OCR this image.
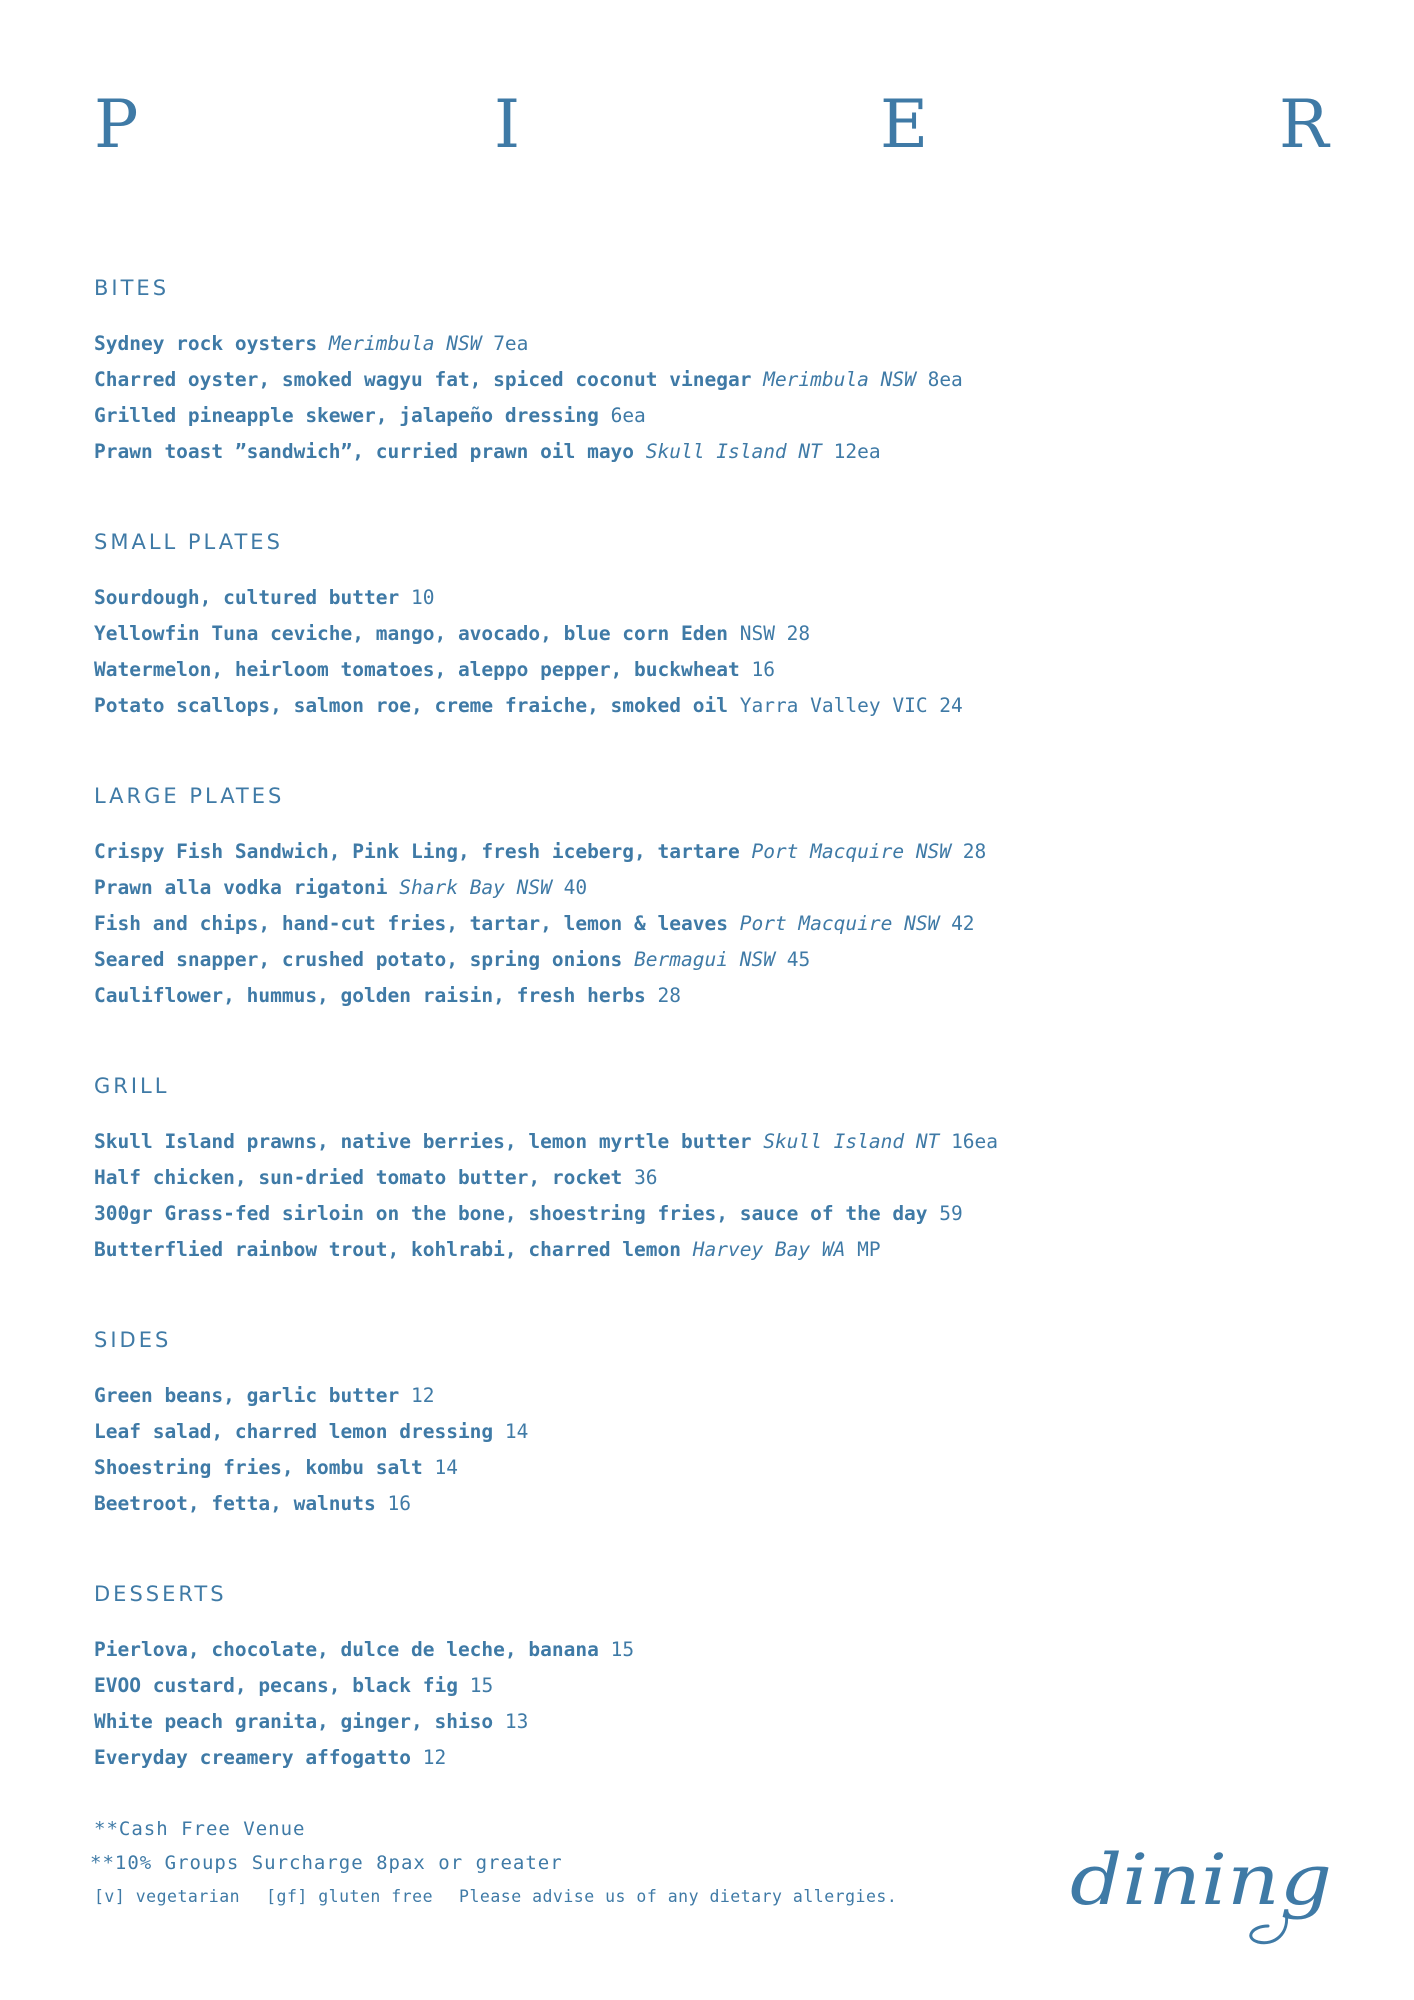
P	I	E	R
BITES
Sydney rock oysters Merimbula NSW 7ea
Charred oyster, smoked wagyu fat, spiced coconut vinegar Merimbula NSW 8ea
Grilled pineapple skewer, jalapeño dressing 6ea
Prawn toast ”sandwich”, curried prawn oil mayo Skull Island NT 12ea
SMALL PLATES
Sourdough, cultured butter 10
Yellowfin Tuna ceviche, mango, avocado, blue corn Eden NSW 28
Watermelon, heirloom tomatoes, aleppo pepper, buckwheat 16
Potato scallops, salmon roe, creme fraiche, smoked oil Yarra Valley VIC 24
LARGE PLATES
Crispy Fish Sandwich, Pink Ling, fresh iceberg, tartare Port Macquire NSW 28
Prawn alla vodka rigatoni Shark Bay NSW 40
Fish and chips, hand-cut fries, tartar, lemon & leaves Port Macquire NSW 42
Seared snapper, crushed potato, spring onions Bermagui NSW 45
Cauliflower, hummus, golden raisin, fresh herbs 28
GRILL
Skull Island prawns, native berries, lemon myrtle butter Skull Island NT 16ea
Half chicken, sun-dried tomato butter, rocket 36
300gr Grass-fed sirloin on the bone, shoestring fries, sauce of the day 59
Butterflied rainbow trout, kohlrabi, charred lemon Harvey Bay WA MP
SIDES
Green beans, garlic butter 12
Leaf salad, charred lemon dressing 14
Shoestring fries, kombu salt 14
Beetroot, fetta, walnuts 16
DESSERTS
Pierlova, chocolate, dulce de leche, banana 15
EVOO custard, pecans, black fig 15
White peach granita, ginger, shiso 13
Everyday creamery affogatto 12
**Cash Free Venue
**10% Groups Surcharge 8pax or greater
[v] vegetarian [gf] gluten free Please advise us of any dietary allergies.	dining
